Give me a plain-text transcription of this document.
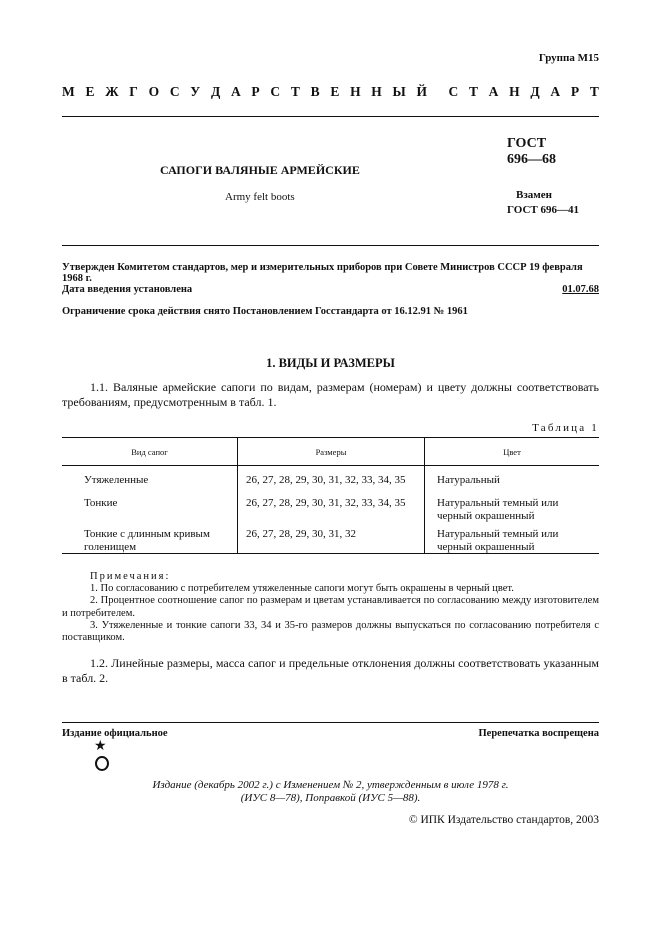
Группа М15
М Е Ж Г О С У Д А Р С Т В Е Н Н Ы Й С Т А Н Д А Р Т
ГОСТ
696—68
САПОГИ ВАЛЯНЫЕ АРМЕЙСКИЕ
Army felt boots	Взамен
ГОСТ 696—41
Утвержден Комитетом стандартов, мер и измерительных приборов при Совете Министров СССР 19 февраля 1968 г.
Дата введения установлена	01.07.68
Ограничение срока действия снято Постановлением Госстандарта от 16.12.91 № 1961
1. ВИДЫ И РАЗМЕРЫ
1.1. Валяные армейские сапоги по видам, размерам (номерам) и цвету должны соответствовать требованиям, предусмотренным в табл. 1.
Таблица 1
Вид сапог	Размеры	Цвет
Утяжеленные	26, 27, 28, 29, 30, 31, 32, 33, 34, 35	Натуральный
Тонкие	26, 27, 28, 29, 30, 31, 32, 33, 34, 35	Натуральный темный или черный окрашенный
Тонкие с длинным кривым голенищем	26, 27, 28, 29, 30, 31, 32	Натуральный темный или черный окрашенный
Примечания:
1. По согласованию с потребителем утяжеленные сапоги могут быть окрашены в черный цвет.
2. Процентное соотношение сапог по размерам и цветам устанавливается по согласованию между изготовителем и потребителем.
3. Утяжеленные и тонкие сапоги 33, 34 и 35-го размеров должны выпускаться по согласованию потребителя с поставщиком.
1.2. Линейные размеры, масса сапог и предельные отклонения должны соответствовать указанным в табл. 2.
Издание официальное	Перепечатка воспрещена
★
Издание (декабрь 2002 г.) с Изменением № 2, утвержденным в июле 1978 г.
(ИУС 8—78), Поправкой (ИУС 5—88).
© ИПК Издательство стандартов, 2003
